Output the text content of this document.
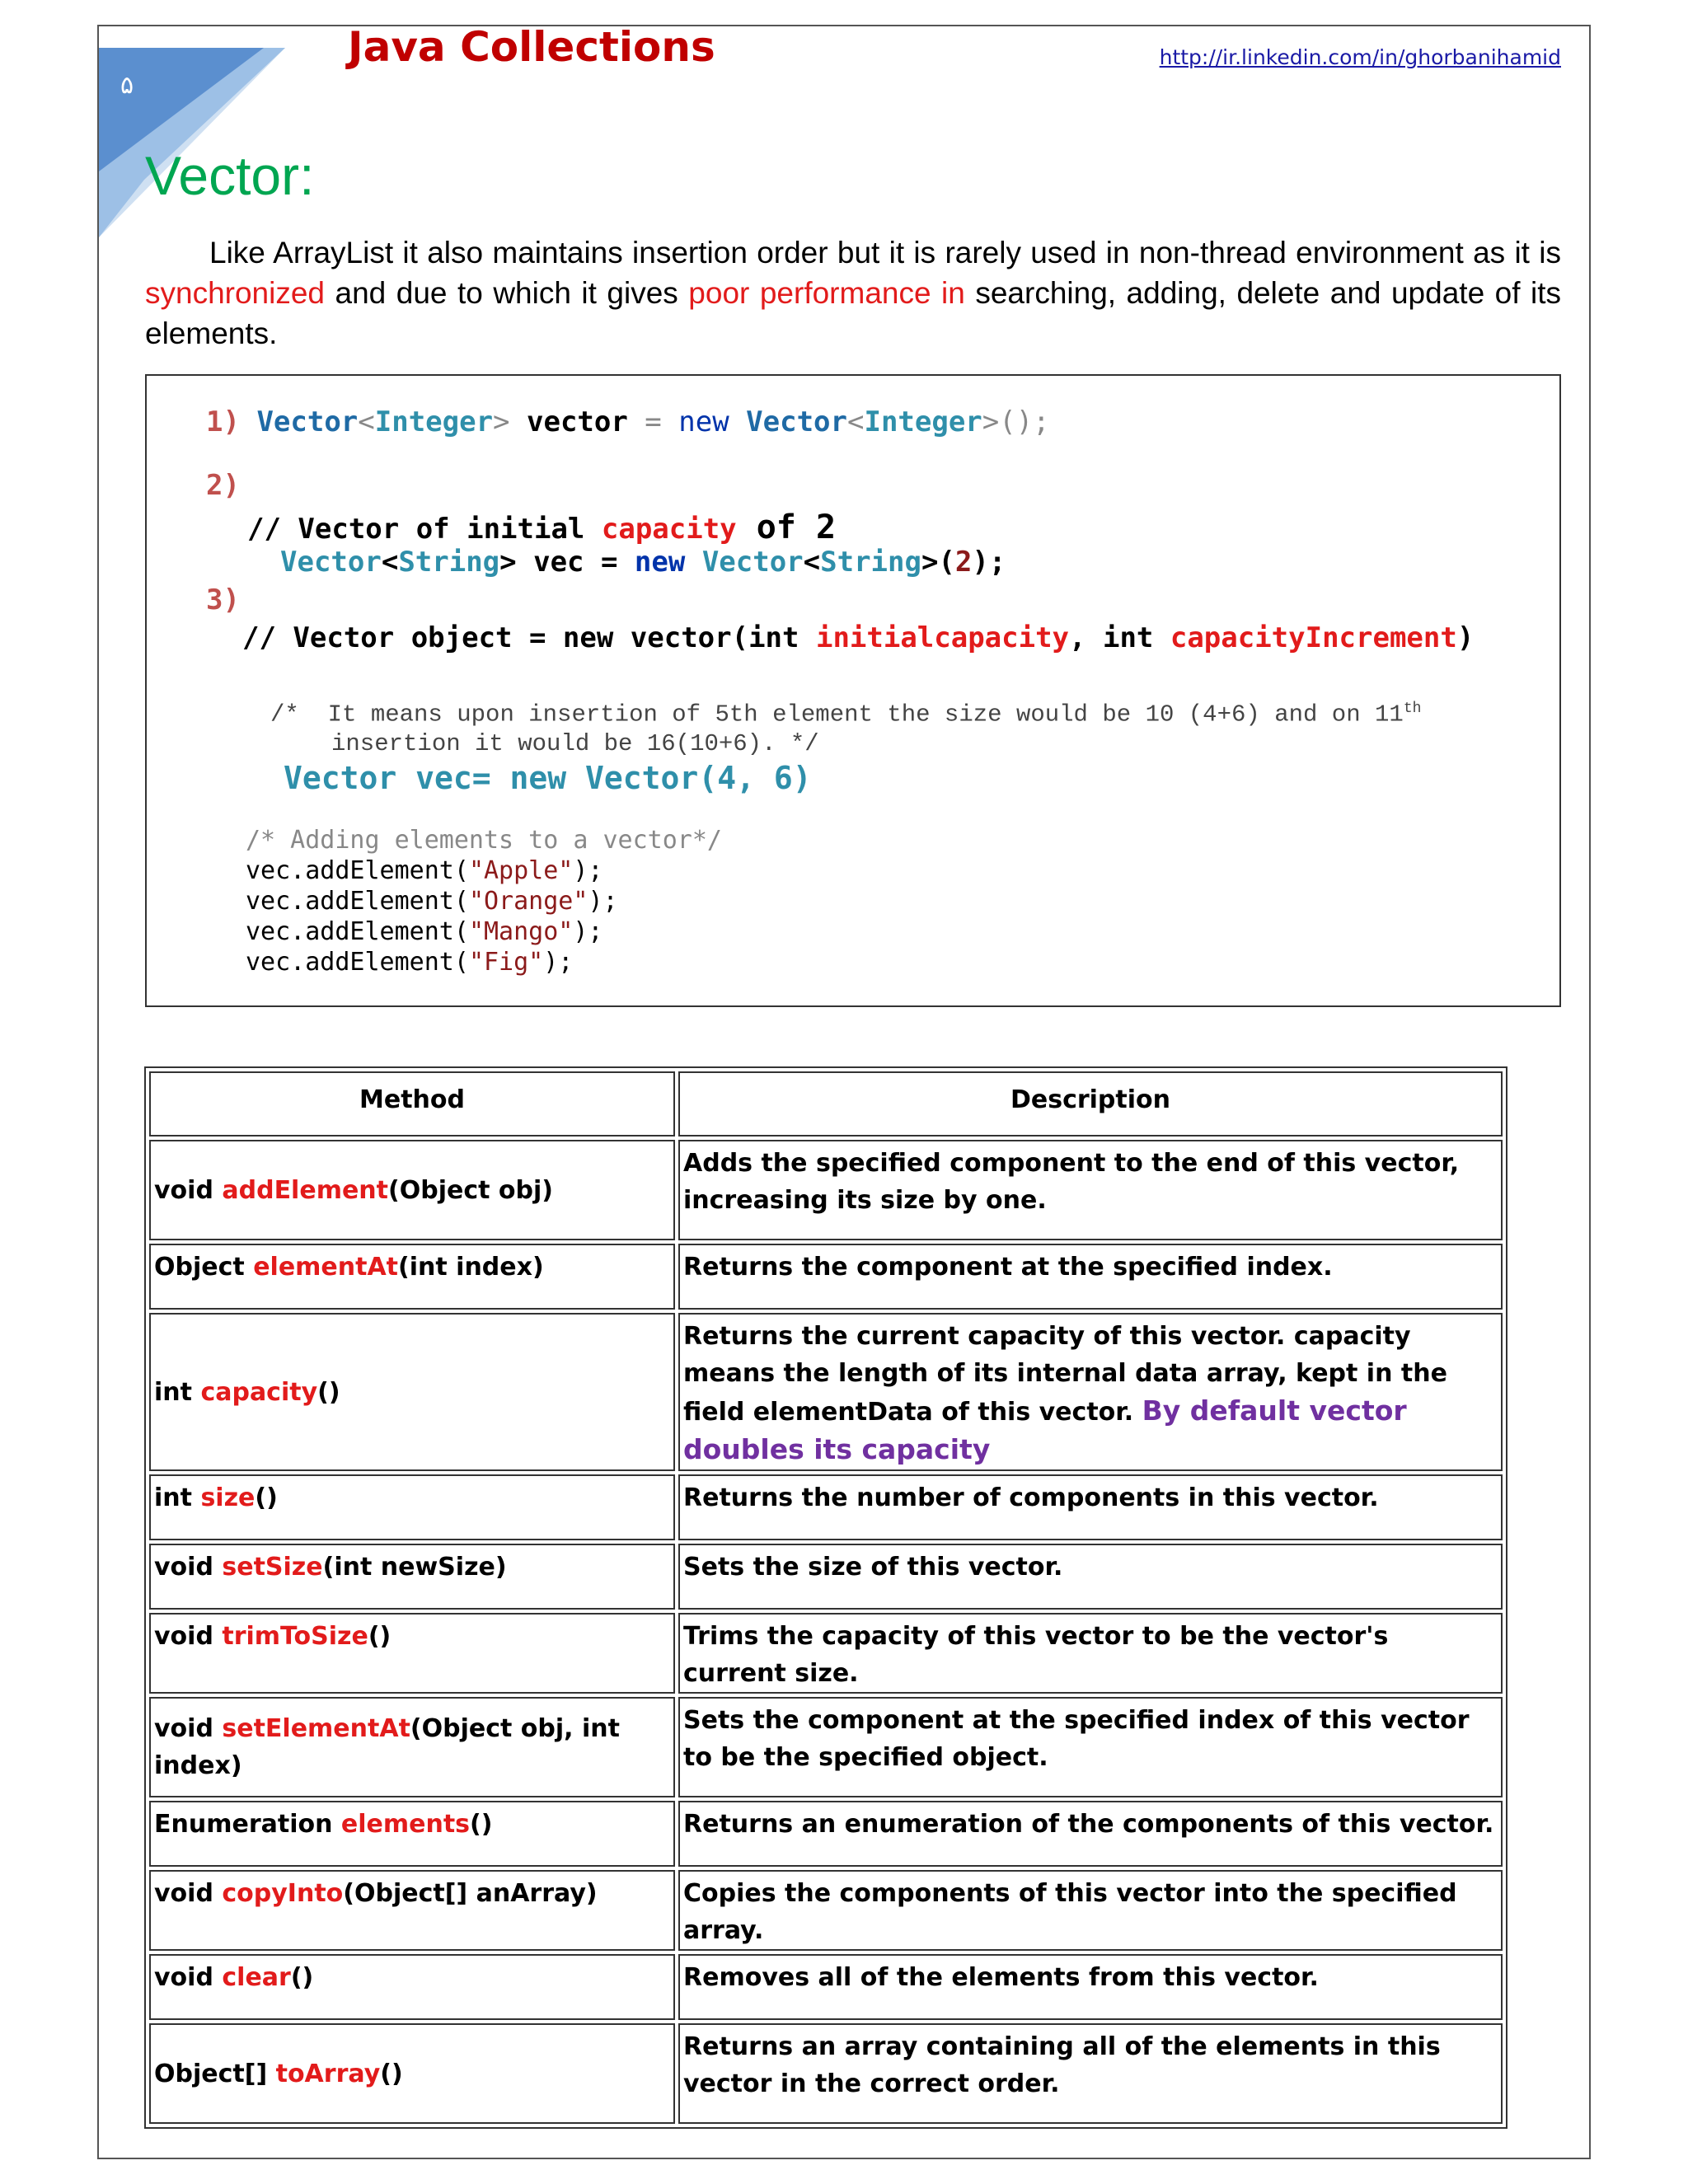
۵
Java Collections	http://ir.linkedin.com/in/ghorbanihamid
Vector:
Like ArrayList it also maintains insertion order but it is rarely used in non-thread environment as it is synchronized and due to which it gives poor performance in searching, adding, delete and update of its elements.
1) Vector<Integer> vector = new Vector<Integer>();
2)
// Vector of initial capacity of 2
Vector<String> vec = new Vector<String>(2);
3)
// Vector object = new vector(int initialcapacity, int capacityIncrement)
/*  It means upon insertion of 5th element the size would be 10 (4+6) and on 11th
insertion it would be 16(10+6). */
Vector vec= new Vector(4, 6)
/* Adding elements to a vector*/
vec.addElement("Apple");
vec.addElement("Orange");
vec.addElement("Mango");
vec.addElement("Fig");
Method	Description
void addElement(Object obj)	Adds the specified component to the end of this vector, increasing its size by one.
Object elementAt(int index)	Returns the component at the specified index.
int capacity()	Returns the current capacity of this vector. capacity means the length of its internal data array, kept in the field elementData of this vector. By default vector doubles its capacity
int size()	Returns the number of components in this vector.
void setSize(int newSize)	Sets the size of this vector.
void trimToSize()	Trims the capacity of this vector to be the vector's current size.
void setElementAt(Object obj, int index)	Sets the component at the specified index of this vector to be the specified object.
Enumeration elements()	Returns an enumeration of the components of this vector.
void copyInto(Object[] anArray)	Copies the components of this vector into the specified array.
void clear()	Removes all of the elements from this vector.
Object[] toArray()	Returns an array containing all of the elements in this vector in the correct order.
